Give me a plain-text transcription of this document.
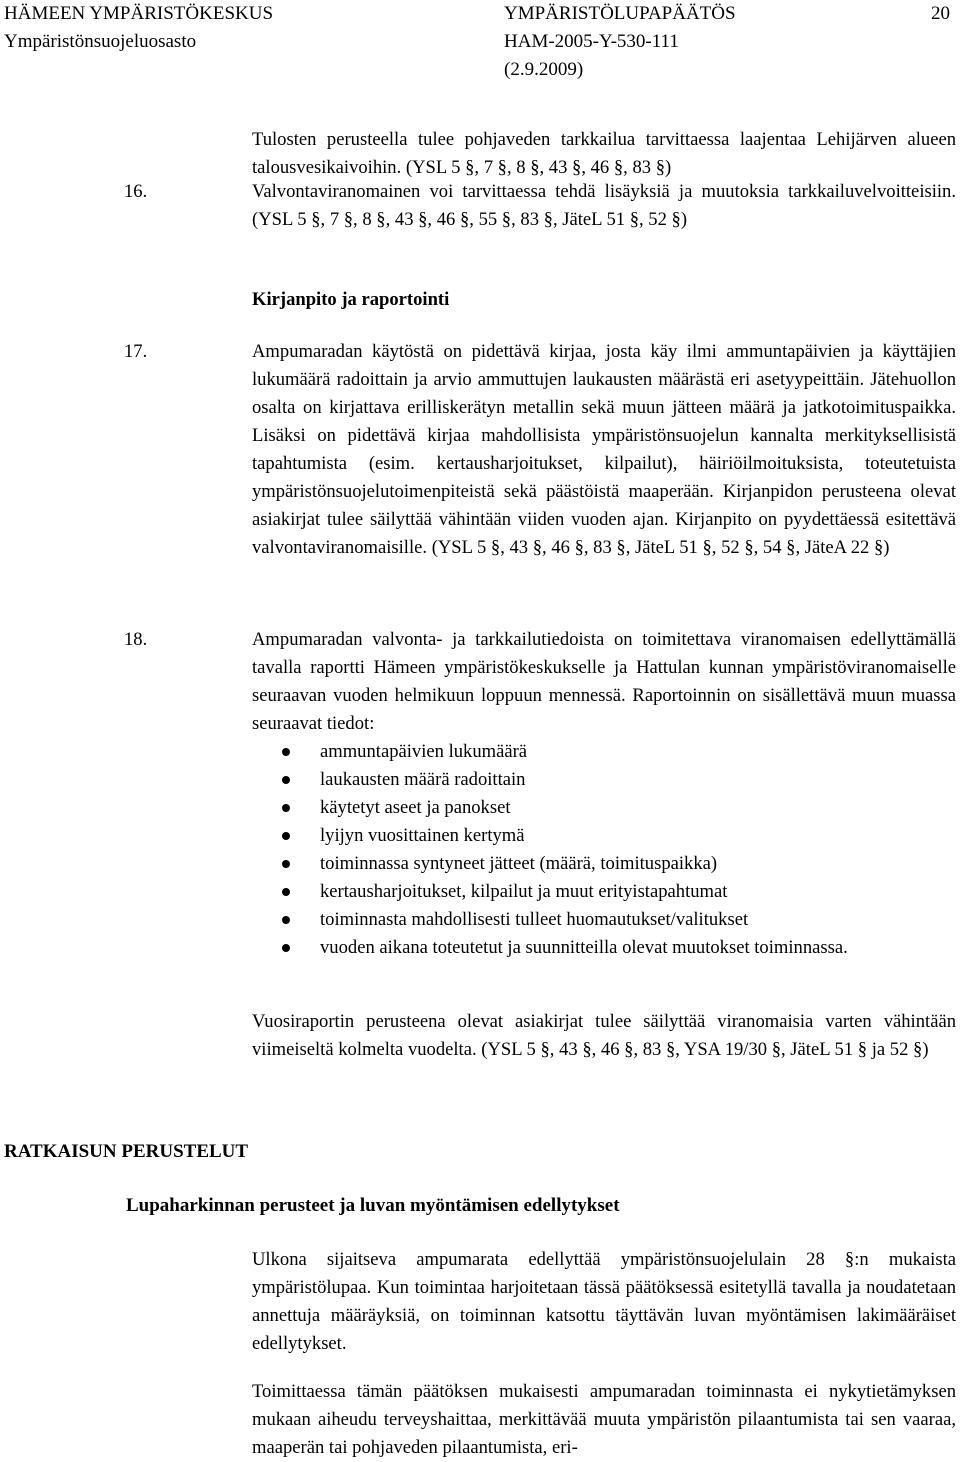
HÄMEEN YMPÄRISTÖKESKUS	YMPÄRISTÖLUPAPÄÄTÖS	20
Ympäristönsuojeluosasto	HAM-2005-Y-530-111
(2.9.2009)
Tulosten perusteella tulee pohjaveden tarkkailua tarvittaessa laajentaa Lehijärven alueen talousvesikaivoihin. (YSL 5 §, 7 §, 8 §, 43 §, 46 §, 83 §)
16.	Valvontaviranomainen voi tarvittaessa tehdä lisäyksiä ja muutoksia tarkkailuvelvoitteisiin. (YSL 5 §, 7 §, 8 §, 43 §, 46 §, 55 §, 83 §, JäteL 51 §, 52 §)
Kirjanpito ja raportointi
17.	Ampumaradan käytöstä on pidettävä kirjaa, josta käy ilmi ammuntapäivien ja käyttäjien lukumäärä radoittain ja arvio ammuttujen laukausten määrästä eri asetyypeittäin. Jätehuollon osalta on kirjattava erilliskerätyn metallin sekä muun jätteen määrä ja jatkotoimituspaikka. Lisäksi on pidettävä kirjaa mahdollisista ympäristönsuojelun kannalta merkityksellisistä tapahtumista (esim. kertausharjoitukset, kilpailut), häiriöilmoituksista, toteutetuista ympäristönsuojelutoimenpiteistä sekä päästöistä maaperään. Kirjanpidon perusteena olevat asiakirjat tulee säilyttää vähintään viiden vuoden ajan. Kirjanpito on pyydettäessä esitettävä valvontaviranomaisille. (YSL 5 §, 43 §, 46 §, 83 §, JäteL 51 §, 52 §, 54 §, JäteA 22 §)
18.	Ampumaradan valvonta- ja tarkkailutiedoista on toimitettava viranomaisen edellyttämällä tavalla raportti Hämeen ympäristökeskukselle ja Hattulan kunnan ympäristöviranomaiselle seuraavan vuoden helmikuun loppuun mennessä. Raportoinnin on sisällettävä muun muassa seuraavat tiedot:
ammuntapäivien lukumäärä
laukausten määrä radoittain
käytetyt aseet ja panokset
lyijyn vuosittainen kertymä
toiminnassa syntyneet jätteet (määrä, toimituspaikka)
kertausharjoitukset, kilpailut ja muut erityistapahtumat
toiminnasta mahdollisesti tulleet huomautukset/valitukset
vuoden aikana toteutetut ja suunnitteilla olevat muutokset toiminnassa.
Vuosiraportin perusteena olevat asiakirjat tulee säilyttää viranomaisia varten vähintään viimeiseltä kolmelta vuodelta. (YSL 5 §, 43 §, 46 §, 83 §, YSA 19/30 §, JäteL 51 § ja 52 §)
RATKAISUN PERUSTELUT
Lupaharkinnan perusteet ja luvan myöntämisen edellytykset
Ulkona sijaitseva ampumarata edellyttää ympäristönsuojelulain 28 §:n mukaista ympäristölupaa. Kun toimintaa harjoitetaan tässä päätöksessä esitetyllä tavalla ja noudatetaan annettuja määräyksiä, on toiminnan katsottu täyttävän luvan myöntämisen lakimääräiset edellytykset.
Toimittaessa tämän päätöksen mukaisesti ampumaradan toiminnasta ei nykytietämyksen mukaan aiheudu terveyshaittaa, merkittävää muuta ympäristön pilaantumista tai sen vaaraa, maaperän tai pohjaveden pilaantumista, eri-
